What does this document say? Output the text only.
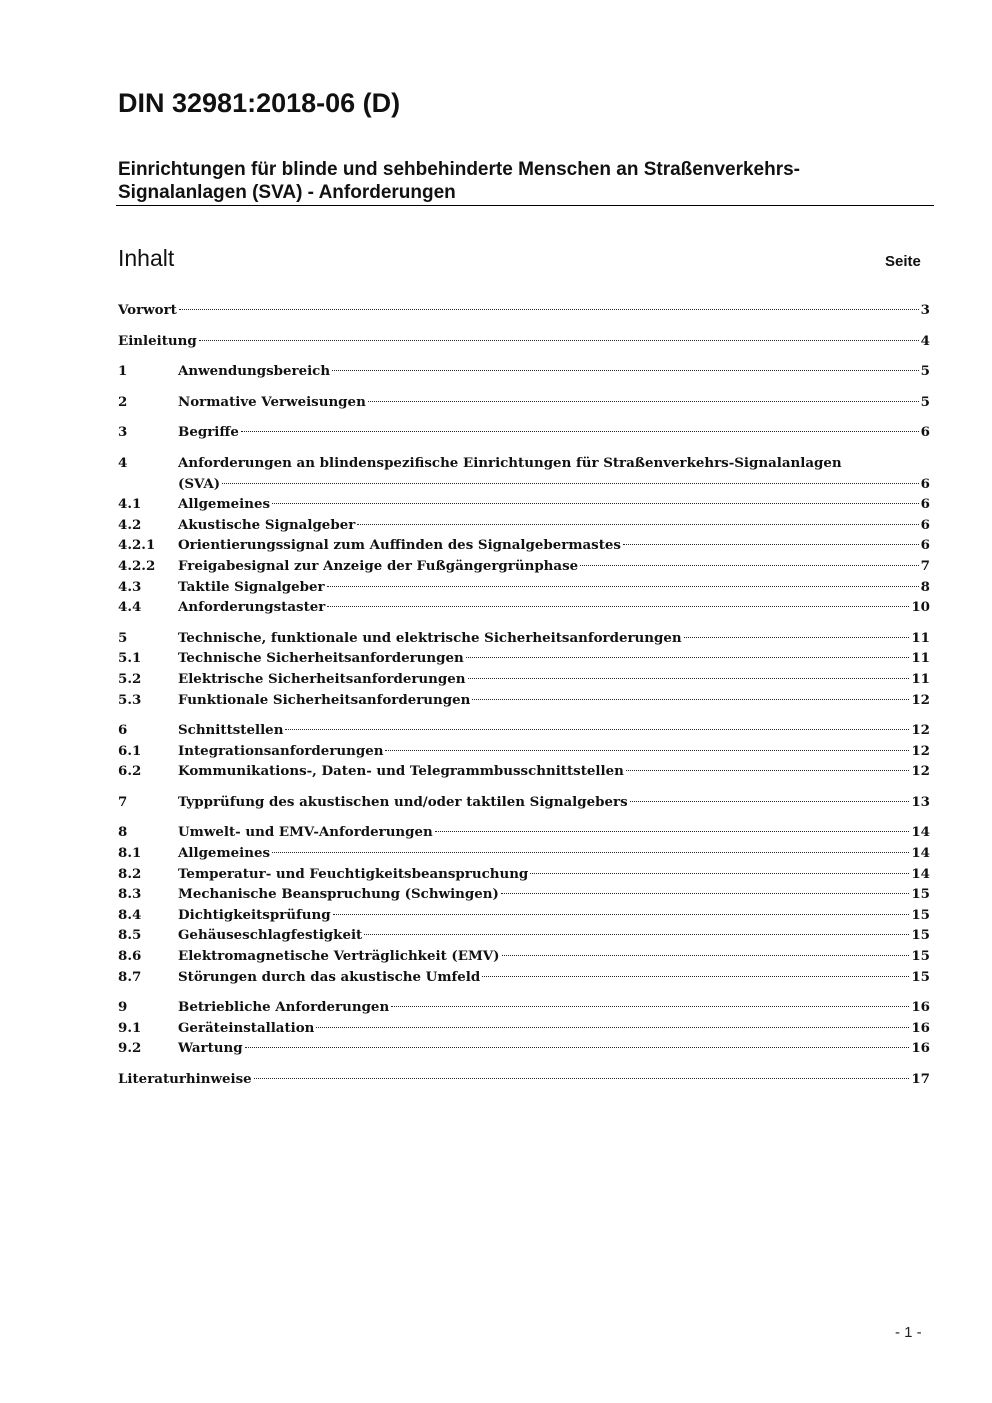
DIN 32981:2018-06 (D)
Einrichtungen für blinde und sehbehinderte Menschen an Straßenverkehrs-
Signalanlagen (SVA) - Anforderungen
Inhalt	Seite
Vorwort	3
Einleitung	4
1	Anwendungsbereich	5
2	Normative Verweisungen	5
3	Begriffe	6
4	Anforderungen an blindenspezifische Einrichtungen für Straßenverkehrs-Signalanlagen
(SVA)	6
4.1	Allgemeines	6
4.2	Akustische Signalgeber	6
4.2.1	Orientierungssignal zum Auffinden des Signalgebermastes	6
4.2.2	Freigabesignal zur Anzeige der Fußgängergrünphase	7
4.3	Taktile Signalgeber	8
4.4	Anforderungstaster	10
5	Technische, funktionale und elektrische Sicherheitsanforderungen	11
5.1	Technische Sicherheitsanforderungen	11
5.2	Elektrische Sicherheitsanforderungen	11
5.3	Funktionale Sicherheitsanforderungen	12
6	Schnittstellen	12
6.1	Integrationsanforderungen	12
6.2	Kommunikations-, Daten- und Telegrammbusschnittstellen	12
7	Typprüfung des akustischen und/oder taktilen Signalgebers	13
8	Umwelt- und EMV-Anforderungen	14
8.1	Allgemeines	14
8.2	Temperatur- und Feuchtigkeitsbeanspruchung	14
8.3	Mechanische Beanspruchung (Schwingen)	15
8.4	Dichtigkeitsprüfung	15
8.5	Gehäuseschlagfestigkeit	15
8.6	Elektromagnetische Verträglichkeit (EMV)	15
8.7	Störungen durch das akustische Umfeld	15
9	Betriebliche Anforderungen	16
9.1	Geräteinstallation	16
9.2	Wartung	16
Literaturhinweise	17
- 1 -
